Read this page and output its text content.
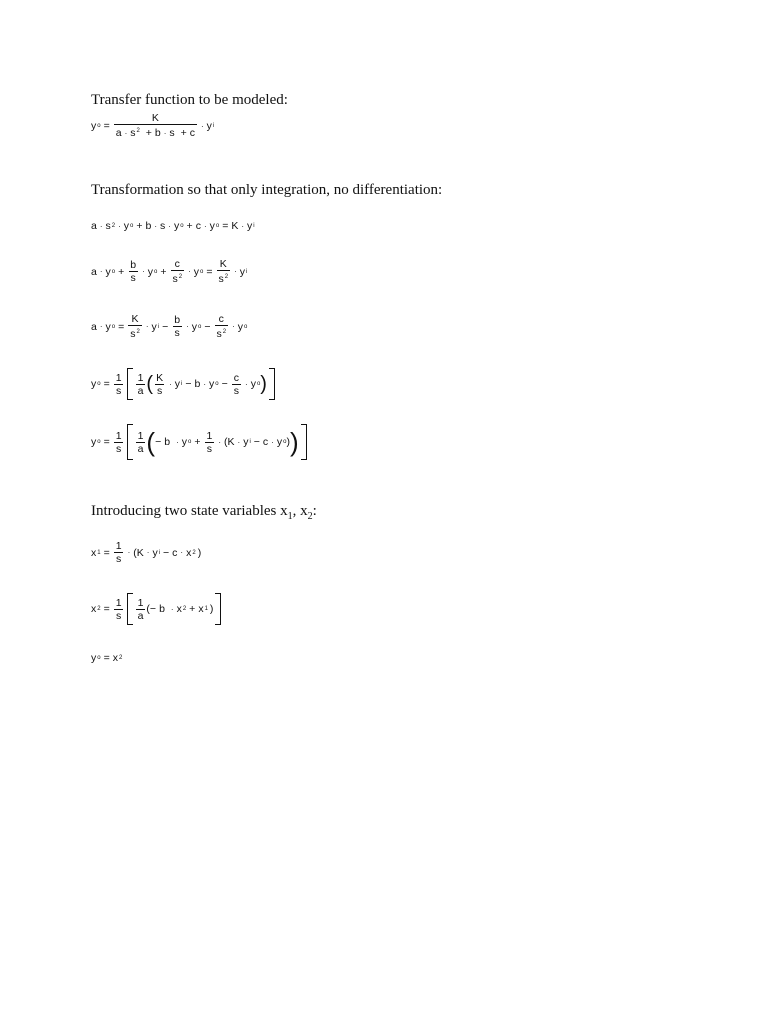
Transfer function to be modeled:
y $o = \frac{K}{a \cdot s^2 + b \cdot s + c} \cdot y$ i
Transformation so that only integration, no differentiation:
a · s 2 · y o + b · s · y o + c · y o = K · y i
a · y $o + \frac{b}{s} \cdot y$ $o + \frac{c}{s^2} \cdot y$ $o = \frac{K}{s^2} \cdot y$ i
a · y $o = \frac{K}{s^2} \cdot y$ $i - \frac{b}{s} \cdot y$ $o - \frac{c}{s^2} \cdot y$ o
y $o = \frac{1}{s} \frac{1}{a}$ ( $\frac{K}{s} \cdot y$ i − b · y $o - \frac{c}{s} \cdot y$ o )
y $o = \frac{1}{s} \frac{1}{a}$ ( − b · y $o + \frac{1}{s}$ · ( K · y i − c · y o ) )
Introducing two state variables $x_1$, $x_2$:
x $1 = \frac{1}{s}$ · ( K · y i − c · x 2 )
x $2 = \frac{1}{s} \frac{1}{a}$ ( − b · x 2 + x 1 )
y o = x 2
